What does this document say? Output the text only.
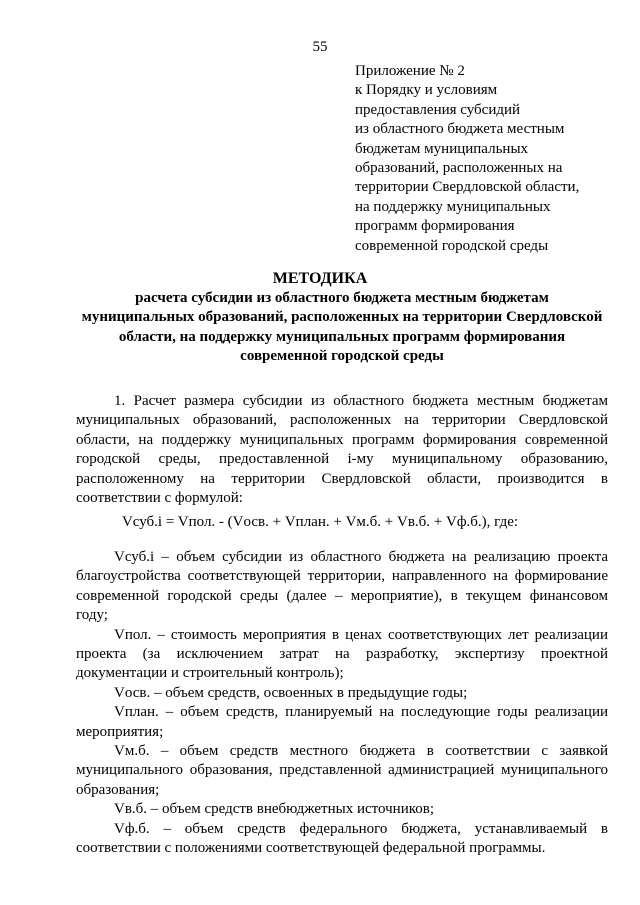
55
Приложение № 2
к Порядку и условиям
предоставления субсидий
из областного бюджета местным
бюджетам муниципальных
образований, расположенных на
территории Свердловской области,
на поддержку муниципальных
программ формирования
современной городской среды
МЕТОДИКА
расчета субсидии из областного бюджета местным бюджетам
муниципальных образований, расположенных на территории Свердловской
области, на поддержку муниципальных программ формирования
современной городской среды
1. Расчет размера субсидии из областного бюджета местным бюджетам
муниципальных образований, расположенных на территории Свердловской
области, на поддержку муниципальных программ формирования современной
городской среды, предоставленной i-му муниципальному образованию,
расположенному на территории Свердловской области, производится в
соответствии с формулой:
Vсуб.i = Vпол. - (Vосв. + Vплан. + Vм.б. + Vв.б. + Vф.б.), где:
Vсуб.i – объем субсидии из областного бюджета на реализацию проекта
благоустройства соответствующей территории, направленного на формирование
современной городской среды (далее – мероприятие), в текущем финансовом
году;
Vпол. – стоимость мероприятия в ценах соответствующих лет реализации
проекта (за исключением затрат на разработку, экспертизу проектной
документации и строительный контроль);
Vосв. – объем средств, освоенных в предыдущие годы;
Vплан. – объем средств, планируемый на последующие годы реализации
мероприятия;
Vм.б. – объем средств местного бюджета в соответствии с заявкой
муниципального образования, представленной администрацией муниципального
образования;
Vв.б. – объем средств внебюджетных источников;
Vф.б. – объем средств федерального бюджета, устанавливаемый в
соответствии с положениями соответствующей федеральной программы.
